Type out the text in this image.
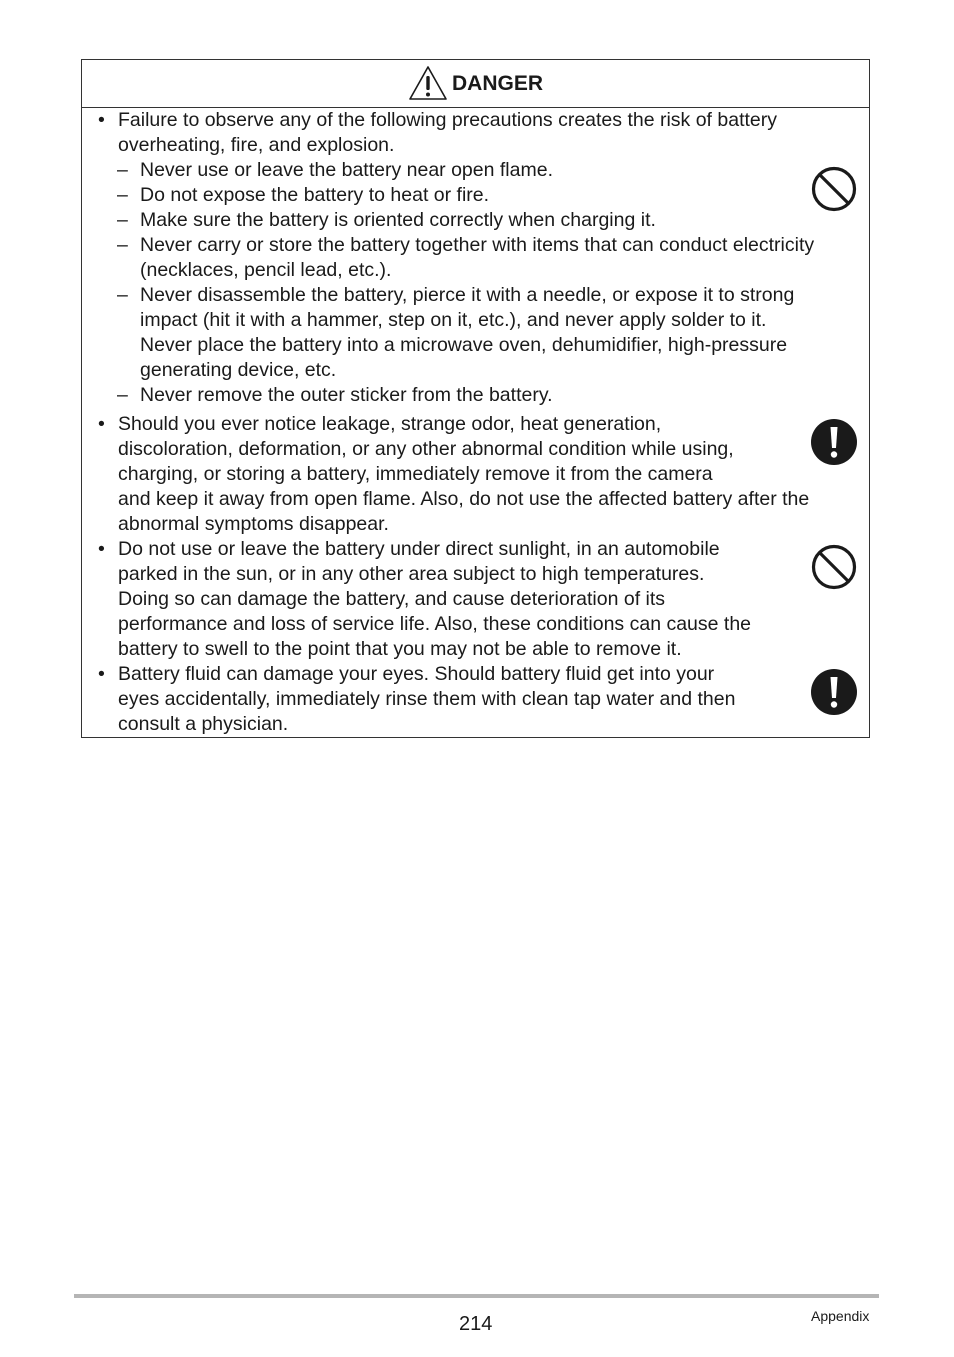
DANGER
• Failure to observe any of the following precautions creates the risk of battery
overheating, fire, and explosion.
– Never use or leave the battery near open flame.
– Do not expose the battery to heat or fire.
– Make sure the battery is oriented correctly when charging it.
– Never carry or store the battery together with items that can conduct electricity
(necklaces, pencil lead, etc.).
– Never disassemble the battery, pierce it with a needle, or expose it to strong
impact (hit it with a hammer, step on it, etc.), and never apply solder to it.
Never place the battery into a microwave oven, dehumidifier, high-pressure
generating device, etc.
– Never remove the outer sticker from the battery.
• Should you ever notice leakage, strange odor, heat generation,
discoloration, deformation, or any other abnormal condition while using,
charging, or storing a battery, immediately remove it from the camera
and keep it away from open flame. Also, do not use the affected battery after the
abnormal symptoms disappear.
• Do not use or leave the battery under direct sunlight, in an automobile
parked in the sun, or in any other area subject to high temperatures.
Doing so can damage the battery, and cause deterioration of its
performance and loss of service life. Also, these conditions can cause the
battery to swell to the point that you may not be able to remove it.
• Battery fluid can damage your eyes. Should battery fluid get into your
eyes accidentally, immediately rinse them with clean tap water and then
consult a physician.
214	Appendix
